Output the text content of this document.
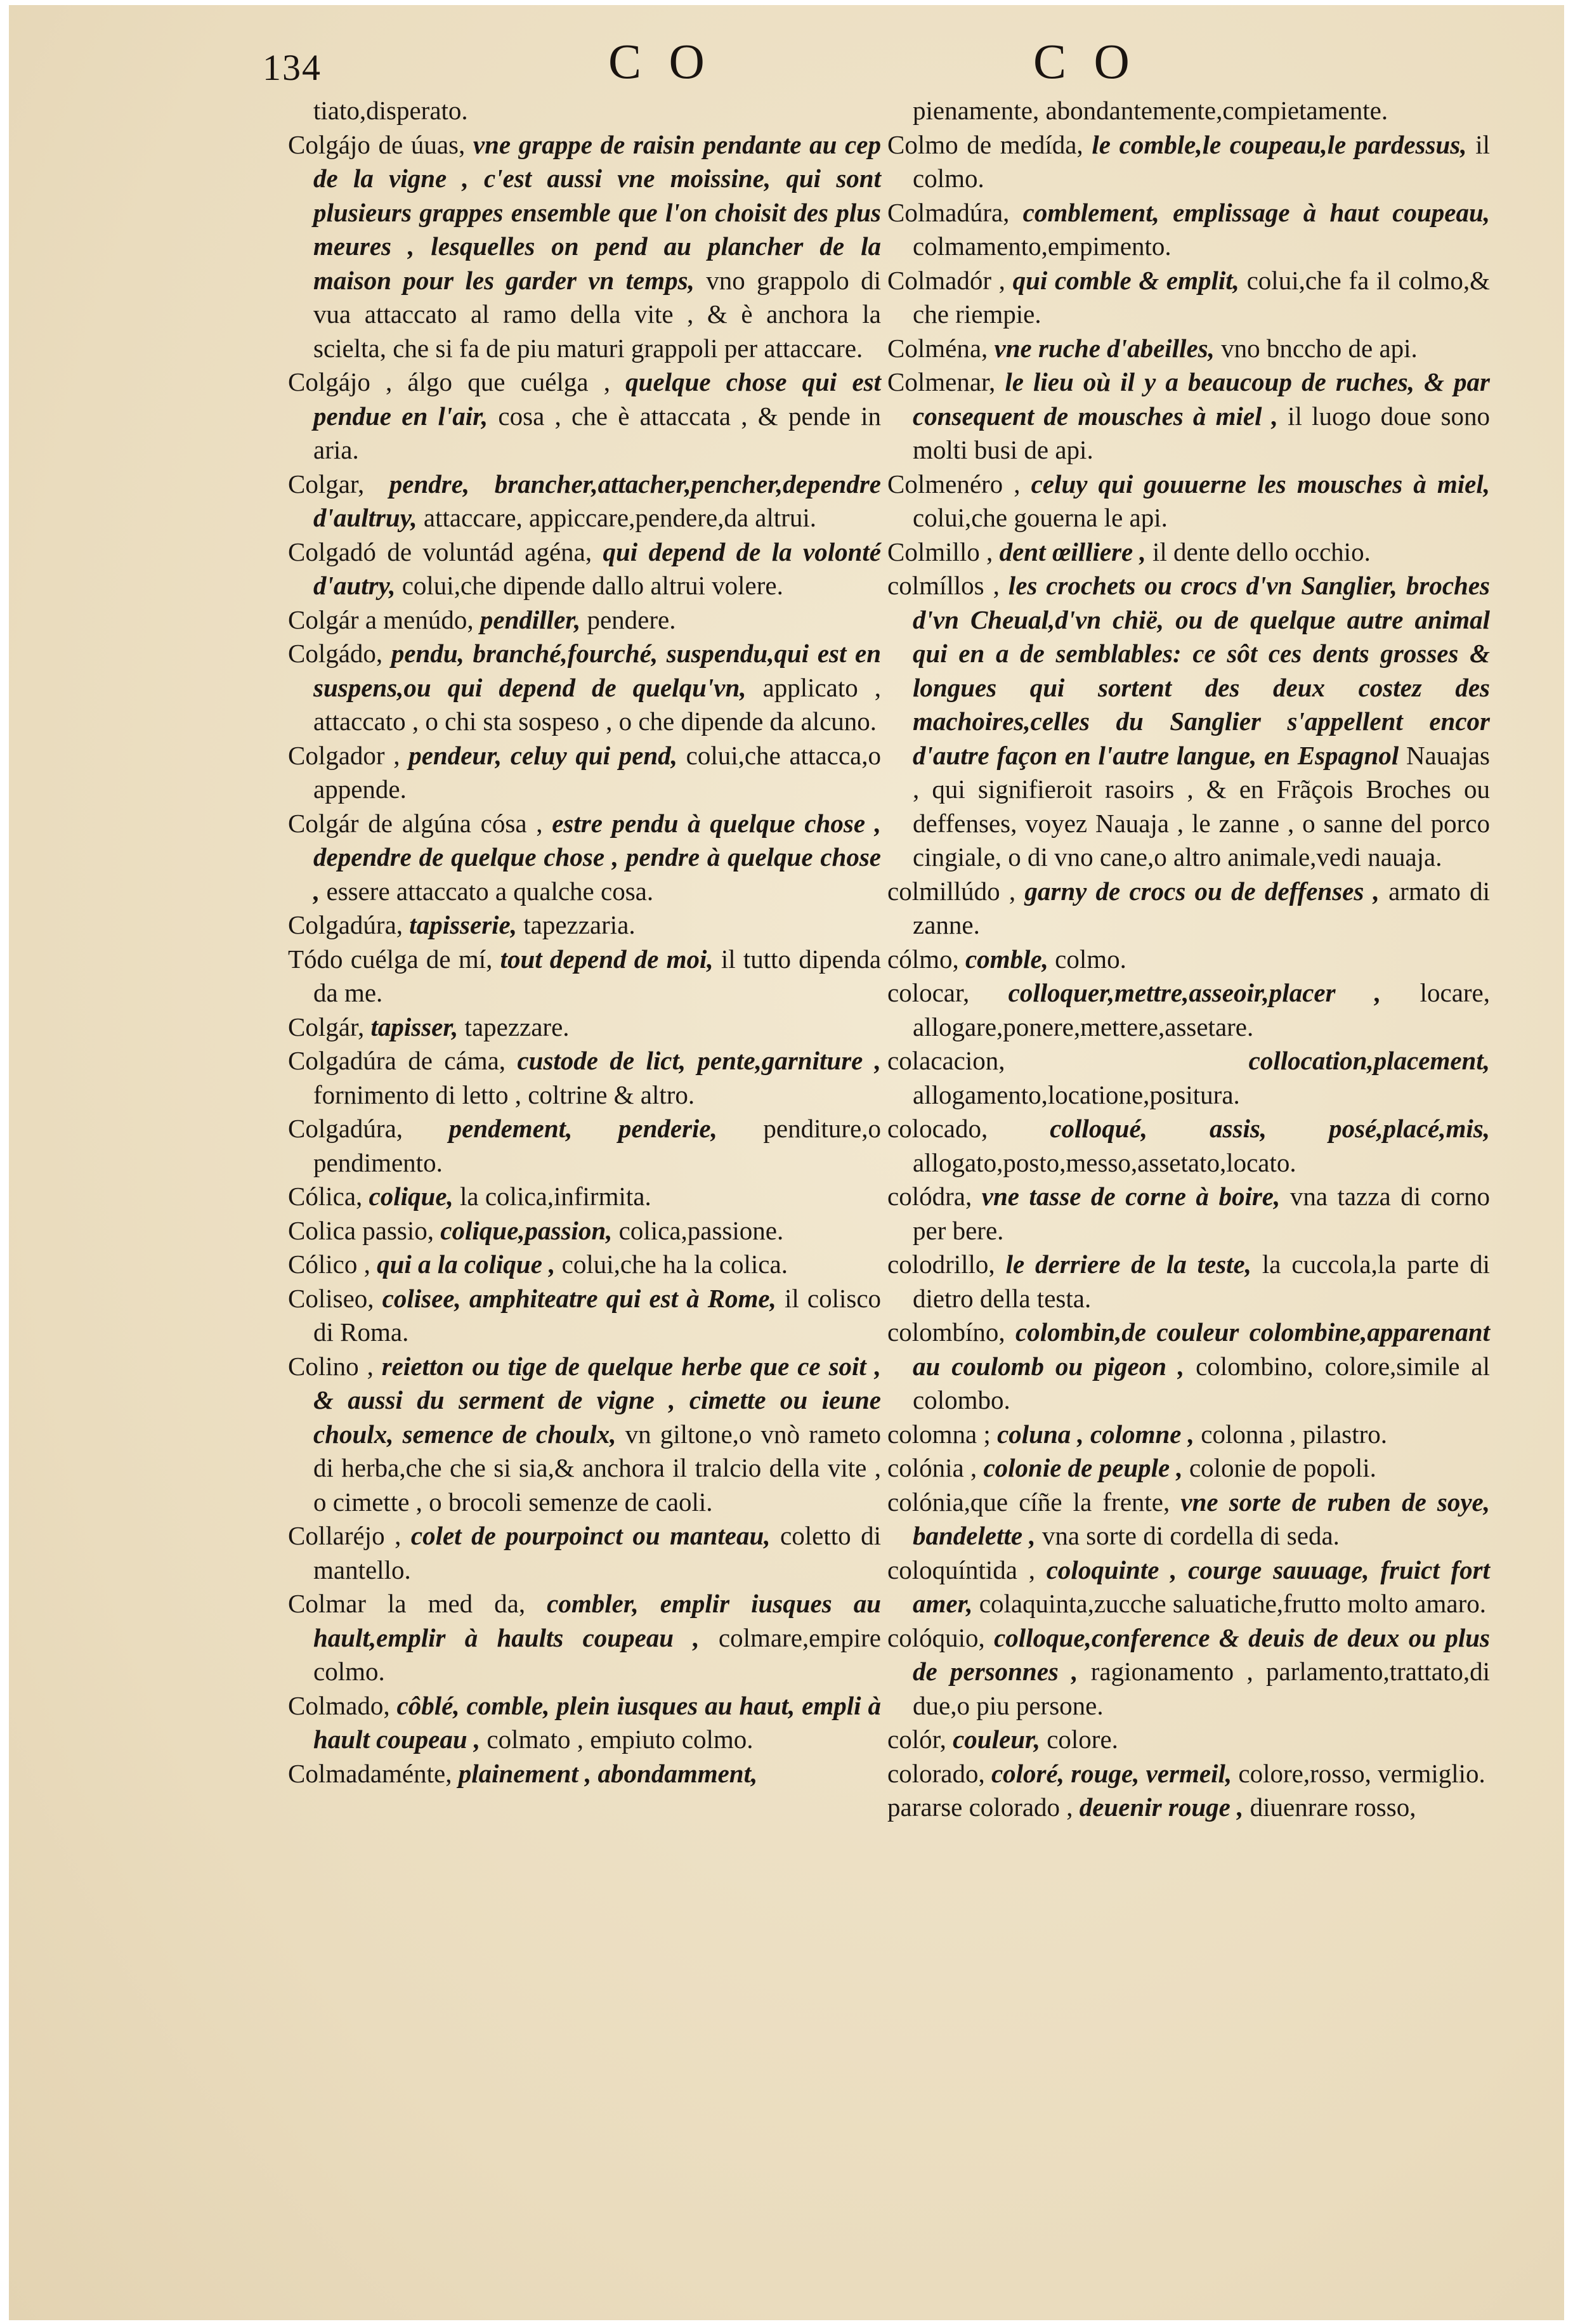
134	C O	C O

tiato,disperato.

Colgájo de úuas, vne grappe de raisin pendante au cep de la vigne , c'est aussi vne moissine, qui sont plusieurs grappes ensemble que l'on choisit des plus meures , lesquelles on pend au plancher de la maison pour les garder vn temps, vno grappolo di vua attaccato al ramo della vite , & è anchora la scielta, che si fa de piu maturi grappoli per attaccare.

Colgájo , álgo que cuélga , quelque chose qui est pendue en l'air, cosa , che è attaccata , & pende in aria.

Colgar, pendre, brancher,attacher,pencher,dependre d'aultruy, attaccare, appiccare,pendere,da altrui.

Colgadó de voluntád agéna, qui depend de la volonté d'autry, colui,che dipende dallo altrui volere.

Colgár a menúdo, pendiller, pendere.

Colgádo, pendu, branché,fourché, suspendu,qui est en suspens,ou qui depend de quelqu'vn, applicato , attaccato , o chi sta sospeso , o che dipende da alcuno.

Colgador , pendeur, celuy qui pend, colui,che attacca,o appende.

Colgár de algúna cósa , estre pendu à quelque chose , dependre de quelque chose , pendre à quelque chose , essere attaccato a qualche cosa.

Colgadúra, tapisserie, tapezzaria.

Tódo cuélga de mí, tout depend de moi, il tutto dipenda da me.

Colgár, tapisser, tapezzare.

Colgadúra de cáma, custode de lict, pente,garniture , fornimento di letto , coltrine & altro.

Colgadúra, pendement, penderie, penditure,o pendimento.

Cólica, colique, la colica,infirmita.

Colica passio, colique,passion, colica,passione.

Cólico , qui a la colique , colui,che ha la colica.

Coliseo, colisee, amphiteatre qui est à Rome, il colisco di Roma.

Colino , reietton ou tige de quelque herbe que ce soit , & aussi du serment de vigne , cimette ou ieune choulx, semence de choulx, vn giltone,o vnò rameto di herba,che che si sia,& anchora il tralcio della vite , o cimette , o brocoli semenze de caoli.

Collaréjo , colet de pourpoinct ou manteau, coletto di mantello.

Colmar la med da, combler, emplir iusques au hault,emplir à haults coupeau , colmare,empire colmo.

Colmado, côblé, comble, plein iusques au haut, empli à hault coupeau , colmato , empiuto colmo.

Colmadaménte, plainement , abondamment,

pienamente, abondantemente,compietamente.

Colmo de medída, le comble,le coupeau,le pardessus, il colmo.

Colmadúra, comblement, emplissage à haut coupeau, colmamento,empimento.

Colmadór , qui comble & emplit, colui,che fa il colmo,& che riempie.

Colména, vne ruche d'abeilles, vno bnccho de api.

Colmenar, le lieu où il y a beaucoup de ruches, & par consequent de mousches à miel , il luogo doue sono molti busi de api.

Colmenéro , celuy qui gouuerne les mousches à miel, colui,che gouerna le api.

Colmillo , dent œilliere , il dente dello occhio.

colmíllos , les crochets ou crocs d'vn Sanglier, broches d'vn Cheual,d'vn chië, ou de quelque autre animal qui en a de semblables: ce sôt ces dents grosses & longues qui sortent des deux costez des machoires,celles du Sanglier s'appellent encor d'autre façon en l'autre langue, en Espagnol Nauajas , qui signifieroit rasoirs , & en Frãçois Broches ou deffenses, voyez Nauaja , le zanne , o sanne del porco cingiale, o di vno cane,o altro animale,vedi nauaja.

colmillúdo , garny de crocs ou de deffenses , armato di zanne.

cólmo, comble, colmo.

colocar, colloquer,mettre,asseoir,placer , locare, allogare,ponere,mettere,assetare.

colacacion,	collocation,placement, allogamento,locatione,positura.

colocado, colloqué, assis, posé,placé,mis, allogato,posto,messo,assetato,locato.

colódra, vne tasse de corne à boire, vna tazza di corno per bere.

colodrillo, le derriere de la teste, la cuccola,la parte di dietro della testa.

colombíno, colombin,de couleur colombine,apparenant au coulomb ou pigeon , colombino, colore,simile al colombo.

colomna ; coluna , colomne , colonna , pilastro.

colónia , colonie de peuple , colonie de popoli.

colónia,que cíñe la frente, vne sorte de ruben de soye, bandelette , vna sorte di cordella di seda.

coloquíntida , coloquinte , courge sauuage, fruict fort amer, colaquinta,zucche saluatiche,frutto molto amaro.

colóquio, colloque,conference & deuis de deux ou plus de personnes , ragionamento , parlamento,trattato,di due,o piu persone.

colór, couleur, colore.

colorado, coloré, rouge, vermeil, colore,rosso, vermiglio.

pararse colorado , deuenir rouge , diuenrare rosso,
